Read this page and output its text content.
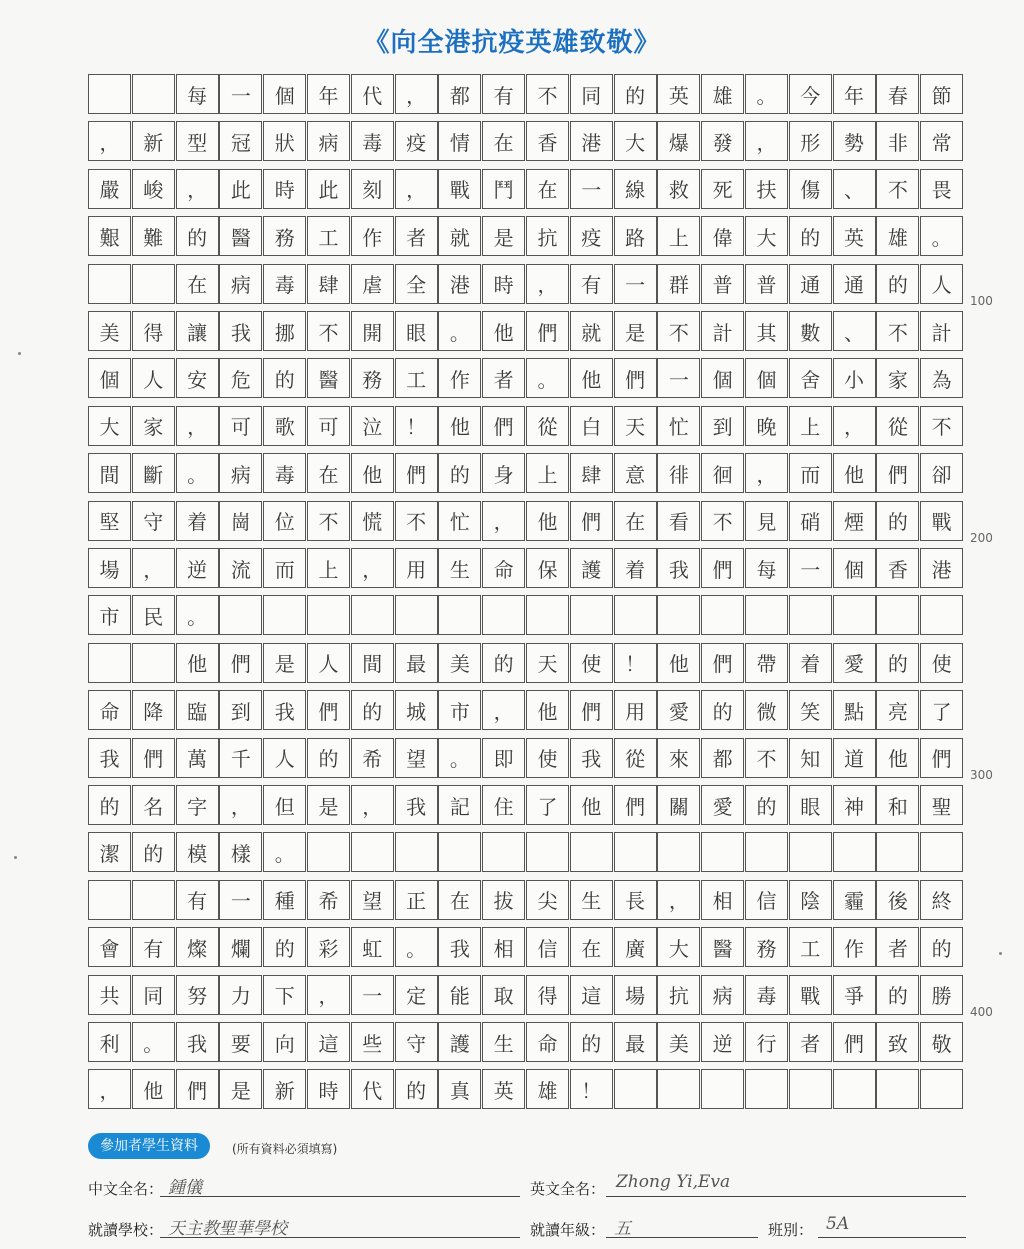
《向全港抗疫英雄致敬》
每	一	個	年	代	，	都	有	不	同	的	英	雄	。	今	年	春	節
，	新	型	冠	狀	病	毒	疫	情	在	香	港	大	爆	發	，	形	勢	非	常
嚴	峻	，	此	時	此	刻	，	戰	鬥	在	一	線	救	死	扶	傷	、	不	畏
艱	難	的	醫	務	工	作	者	就	是	抗	疫	路	上	偉	大	的	英	雄	。
在	病	毒	肆	虐	全	港	時	，	有	一	群	普	普	通	通	的	人
美	得	讓	我	挪	不	開	眼	。	他	們	就	是	不	計	其	數	、	不	計
個	人	安	危	的	醫	務	工	作	者	。	他	們	一	個	個	舍	小	家	為
大	家	，	可	歌	可	泣	！	他	們	從	白	天	忙	到	晚	上	，	從	不
間	斷	。	病	毒	在	他	們	的	身	上	肆	意	徘	徊	，	而	他	們	卻
堅	守	着	崗	位	不	慌	不	忙	，	他	們	在	看	不	見	硝	煙	的	戰
場	，	逆	流	而	上	，	用	生	命	保	護	着	我	們	每	一	個	香	港
市	民	。
他	們	是	人	間	最	美	的	天	使	！	他	們	帶	着	愛	的	使
命	降	臨	到	我	們	的	城	市	，	他	們	用	愛	的	微	笑	點	亮	了
我	們	萬	千	人	的	希	望	。	即	使	我	從	來	都	不	知	道	他	們
的	名	字	，	但	是	，	我	記	住	了	他	們	關	愛	的	眼	神	和	聖
潔	的	模	樣	。
有	一	種	希	望	正	在	拔	尖	生	長	，	相	信	陰	霾	後	終
會	有	燦	爛	的	彩	虹	。	我	相	信	在	廣	大	醫	務	工	作	者	的
共	同	努	力	下	，	一	定	能	取	得	這	場	抗	病	毒	戰	爭	的	勝
利	。	我	要	向	這	些	守	護	生	命	的	最	美	逆	行	者	們	致	敬
，	他	們	是	新	時	代	的	真	英	雄	！
100
200
300
400
參加者學生資料	(所有資料必須填寫)
中文全名： 鍾儀	英文全名： Zhong Yi,Eva
就讀學校： 天主教聖華學校	就讀年級： 五	班別： 5A
